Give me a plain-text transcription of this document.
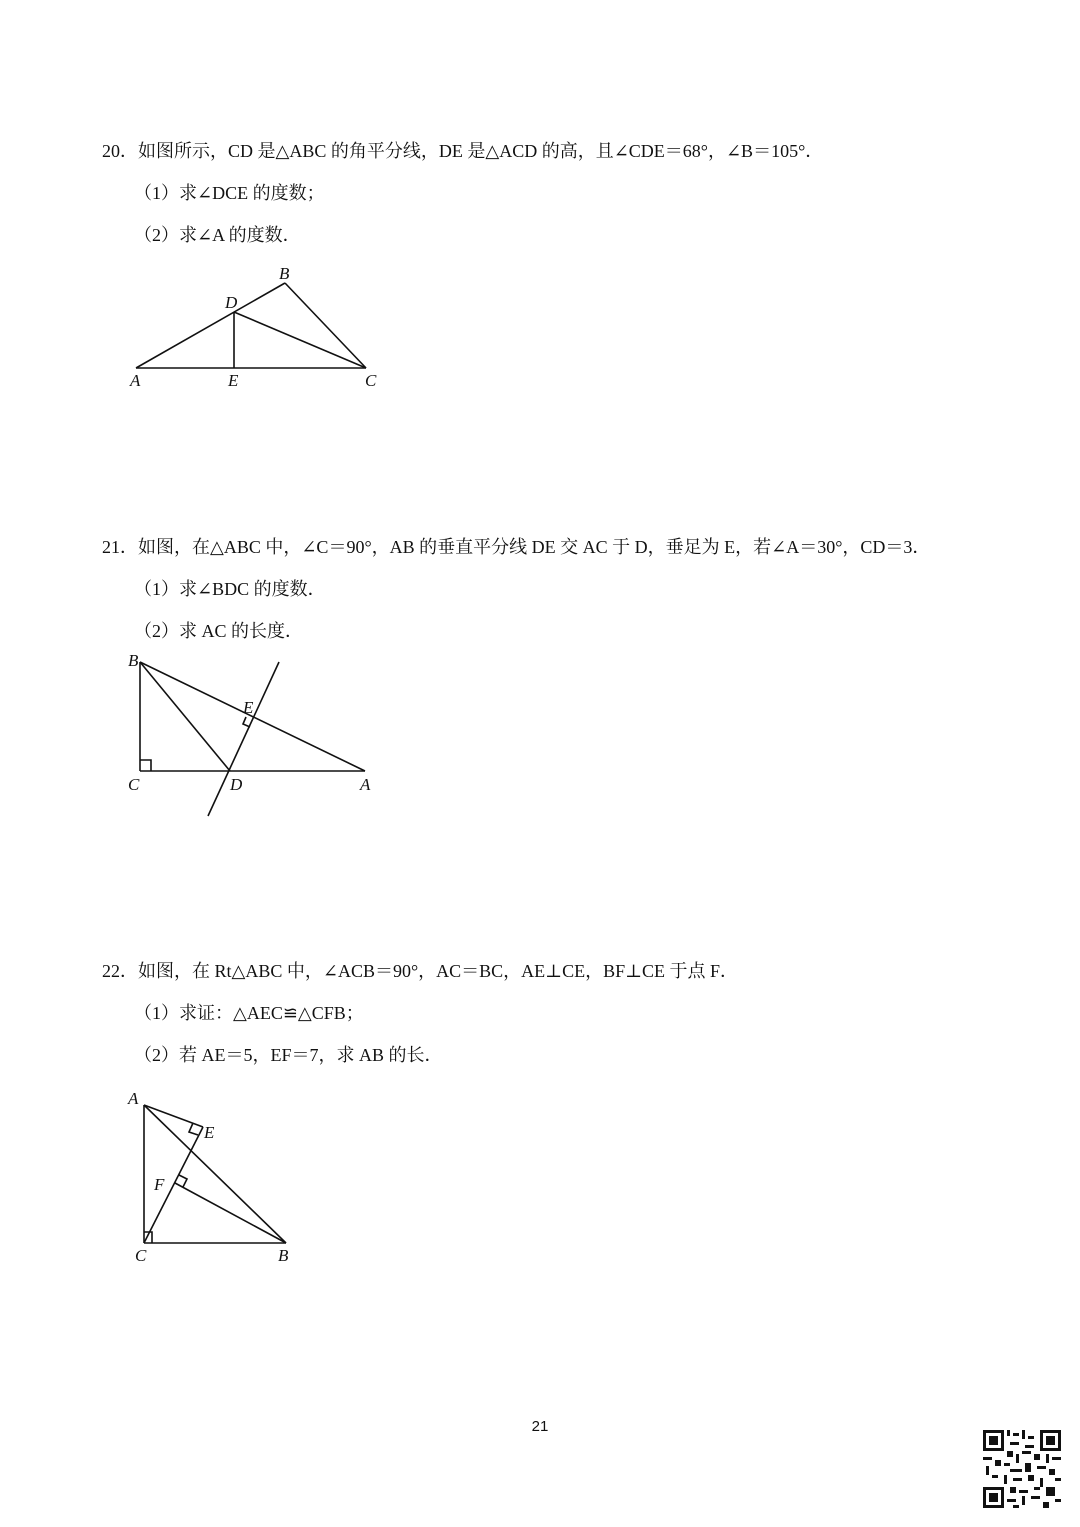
20．如图所示，CD 是△ABC 的角平分线，DE 是△ACD 的高，且∠CDE＝68°，∠B＝105°．
（1）求∠DCE 的度数；
（2）求∠A 的度数．
B
D
A	E	C
21．如图，在△ABC 中，∠C＝90°，AB 的垂直平分线 DE 交 AC 于 D，垂足为 E，若∠A＝30°，CD＝3．
（1）求∠BDC 的度数．
（2）求 AC 的长度．
B
E
C	D	A
22．如图，在 Rt△ABC 中，∠ACB＝90°，AC＝BC，AE⊥CE，BF⊥CE 于点 F．
（1）求证：△AEC≌△CFB；
（2）若 AE＝5，EF＝7，求 AB 的长．
A
E
F
C	B
21
